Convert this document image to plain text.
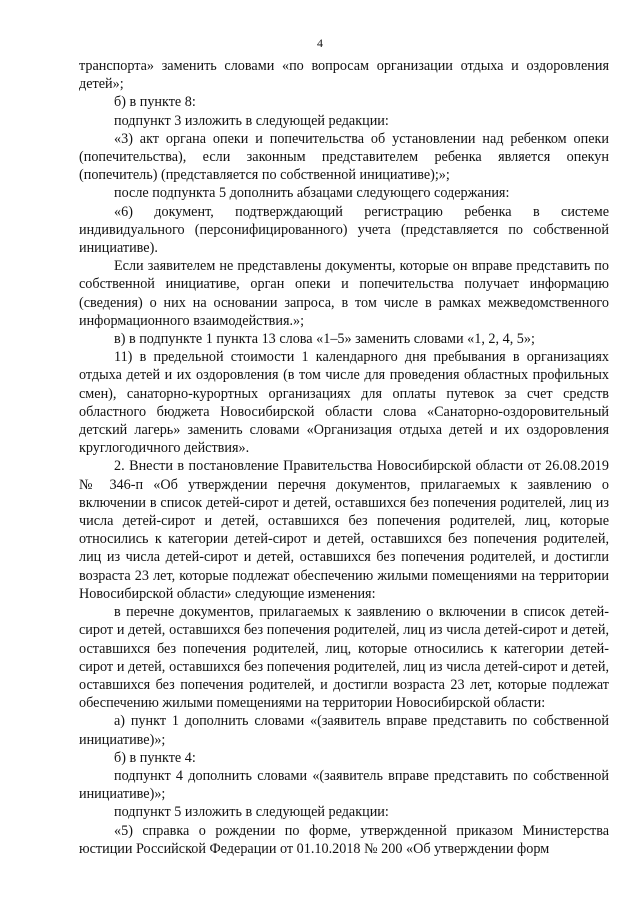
4

транспорта» заменить словами «по вопросам организации отдыха и оздоровления детей»;

б) в пункте 8:

подпункт 3 изложить в следующей редакции:

«3) акт органа опеки и попечительства об установлении над ребенком опеки (попечительства), если законным представителем ребенка является опекун (попечитель) (представляется по собственной инициативе);»;

после подпункта 5 дополнить абзацами следующего содержания:

«6) документ, подтверждающий регистрацию ребенка в системе индивидуального (персонифицированного) учета (представляется по собственной инициативе).

Если заявителем не представлены документы, которые он вправе представить по собственной инициативе, орган опеки и попечительства получает информацию (сведения) о них на основании запроса, в том числе в рамках межведомственного информационного взаимодействия.»;

в) в подпункте 1 пункта 13 слова «1–5» заменить словами «1, 2, 4, 5»;

11) в предельной стоимости 1 календарного дня пребывания в организациях отдыха детей и их оздоровления (в том числе для проведения областных профильных смен), санаторно-курортных организациях для оплаты путевок за счет средств областного бюджета Новосибирской области слова «Санаторно-оздоровительный детский лагерь» заменить словами «Организация отдыха детей и их оздоровления круглогодичного действия».

2. Внести в постановление Правительства Новосибирской области от 26.08.2019 № 346-п «Об утверждении перечня документов, прилагаемых к заявлению о включении в список детей-сирот и детей, оставшихся без попечения родителей, лиц из числа детей-сирот и детей, оставшихся без попечения родителей, лиц, которые относились к категории детей-сирот и детей, оставшихся без попечения родителей, лиц из числа детей-сирот и детей, оставшихся без попечения родителей, и достигли возраста 23 лет, которые подлежат обеспечению жилыми помещениями на территории Новосибирской области» следующие изменения:

в перечне документов, прилагаемых к заявлению о включении в список детей-сирот и детей, оставшихся без попечения родителей, лиц из числа детей-сирот и детей, оставшихся без попечения родителей, лиц, которые относились к категории детей-сирот и детей, оставшихся без попечения родителей, лиц из числа детей-сирот и детей, оставшихся без попечения родителей, и достигли возраста 23 лет, которые подлежат обеспечению жилыми помещениями на территории Новосибирской области:

а) пункт 1 дополнить словами «(заявитель вправе представить по собственной инициативе)»;

б) в пункте 4:

подпункт 4 дополнить словами «(заявитель вправе представить по собственной инициативе)»;

подпункт 5 изложить в следующей редакции:

«5) справка о рождении по форме, утвержденной приказом Министерства юстиции Российской Федерации от 01.10.2018 № 200 «Об утверждении форм
